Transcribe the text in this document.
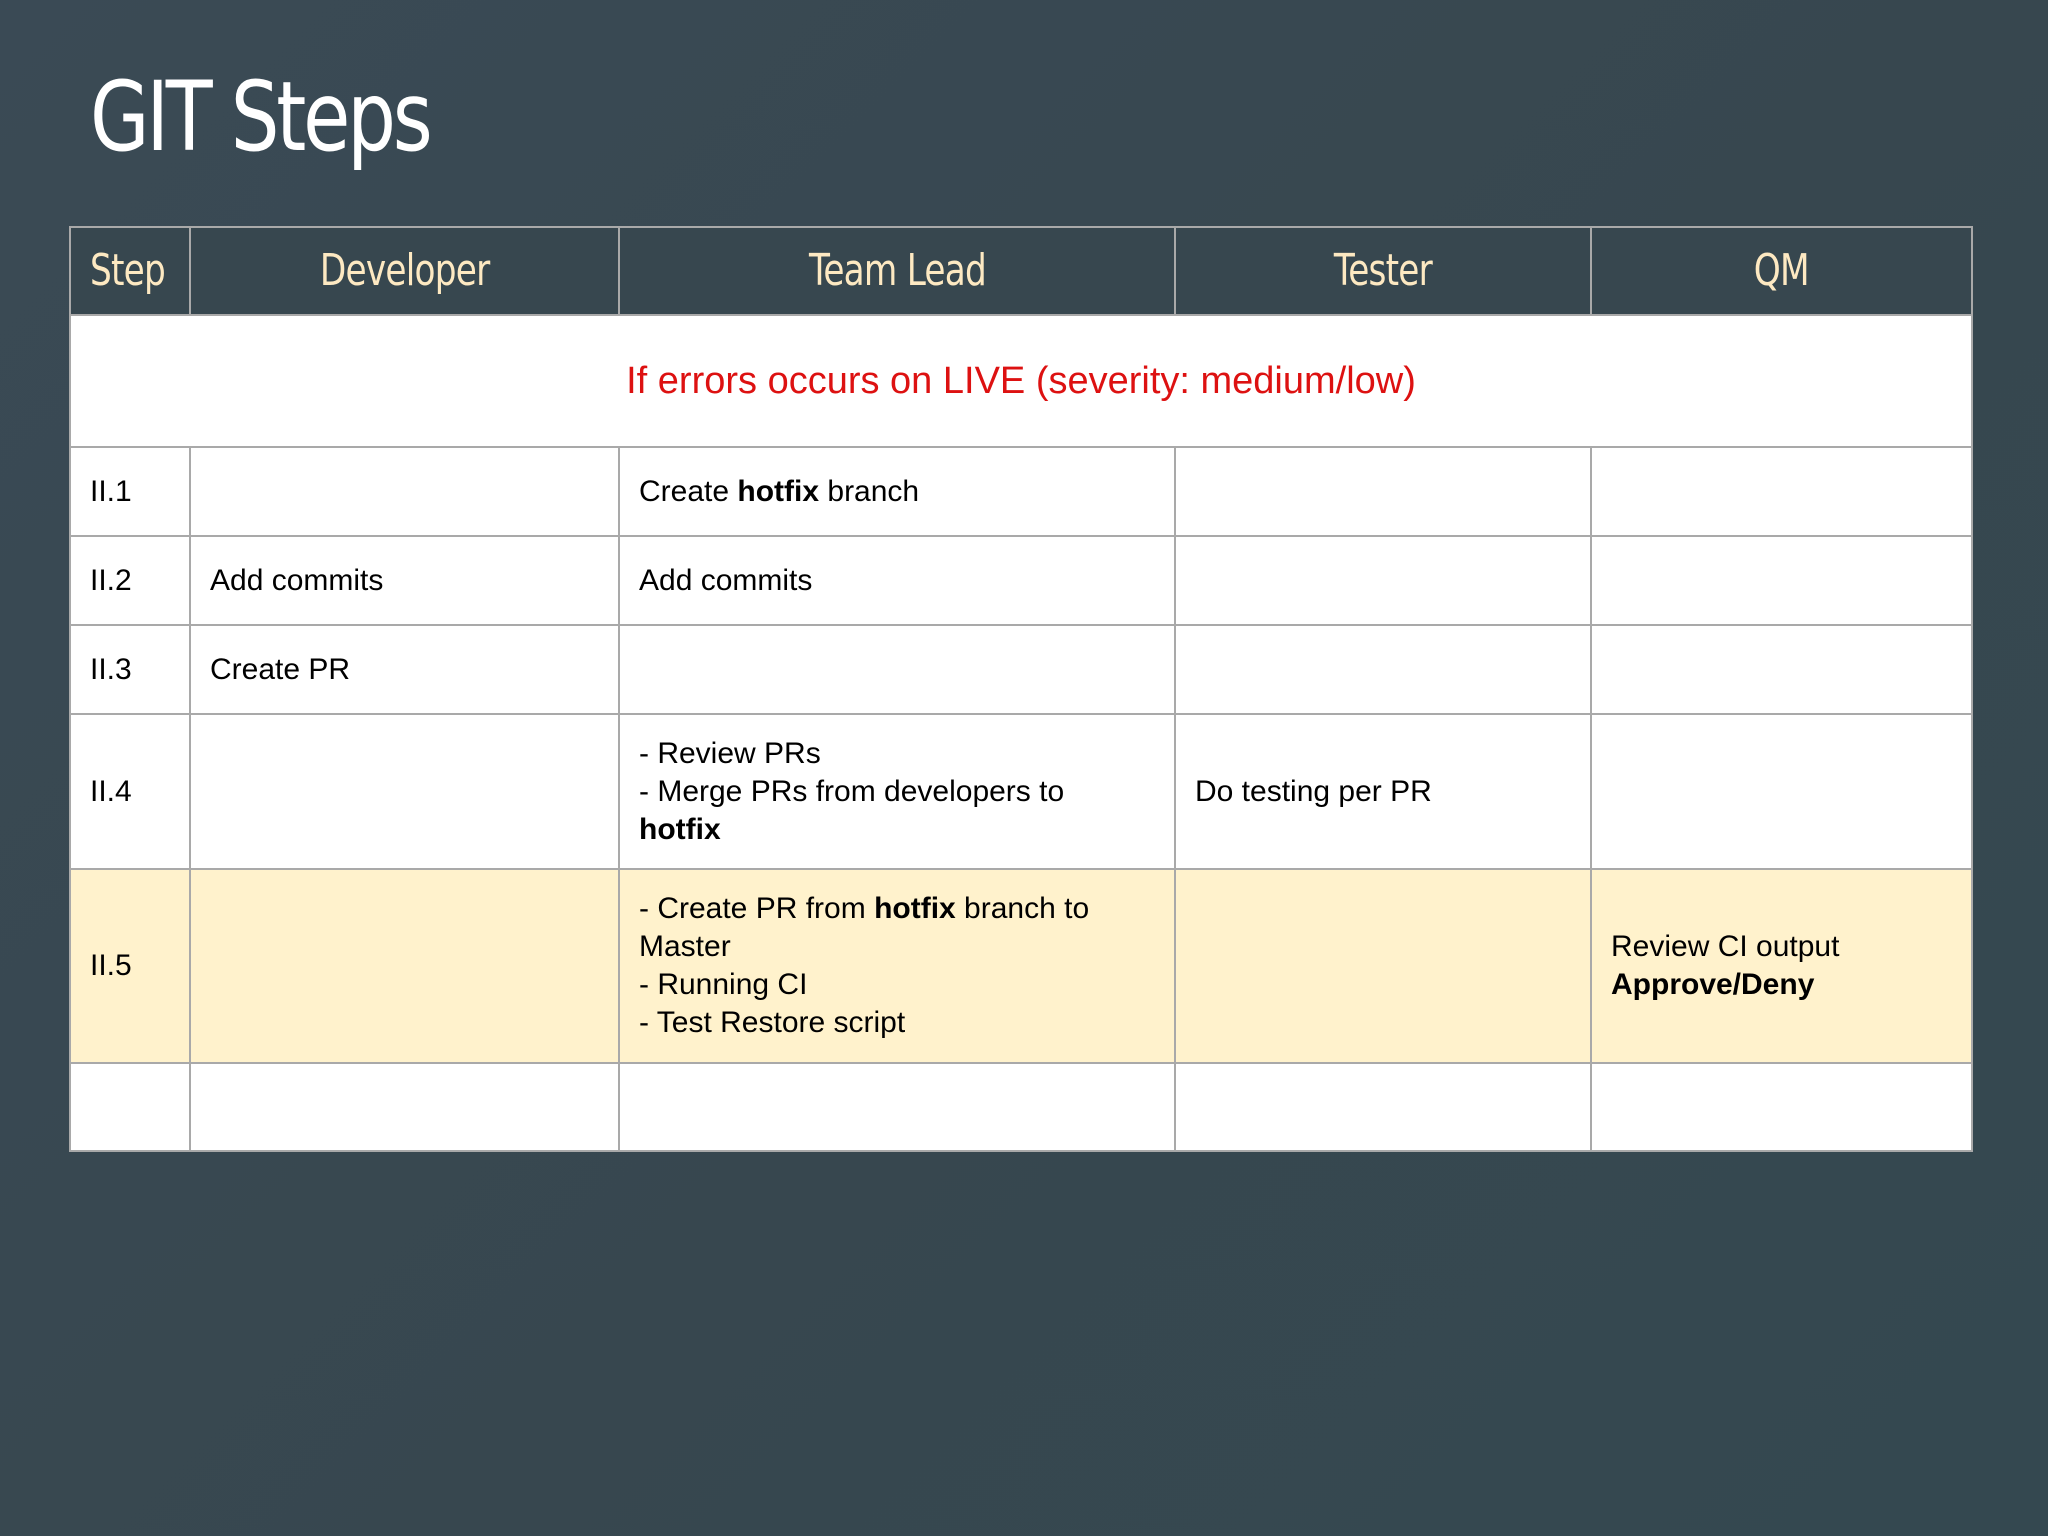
GIT Steps
Step	Developer	Team Lead	Tester	QM
If errors occurs on LIVE (severity: medium/low)				
II.1		Create hotfix branch		
II.2	Add commits	Add commits		
II.3	Create PR			
II.4		- Review PRs
- Merge PRs from developers to
hotfix	Do testing per PR	
II.5		- Create PR from hotfix branch to
Master
- Running CI
- Test Restore script		Review CI output
Approve/Deny
